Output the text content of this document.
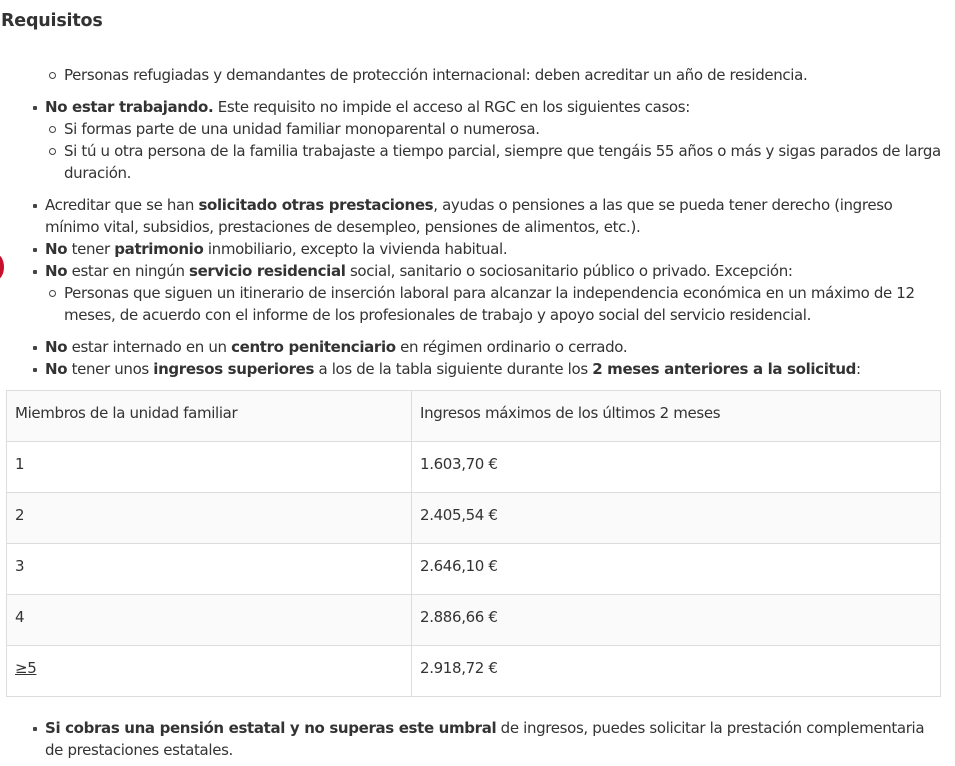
Requisitos
Personas refugiadas y demandantes de protección internacional: deben acreditar un año de residencia.
No estar trabajando. Este requisito no impide el acceso al RGC en los siguientes casos:
Si formas parte de una unidad familiar monoparental o numerosa.
Si tú u otra persona de la familia trabajaste a tiempo parcial, siempre que tengáis 55 años o más y sigas parados de larga duración.
Acreditar que se han solicitado otras prestaciones, ayudas o pensiones a las que se pueda tener derecho (ingreso mínimo vital, subsidios, prestaciones de desempleo, pensiones de alimentos, etc.).
No tener patrimonio inmobiliario, excepto la vivienda habitual.
No estar en ningún servicio residencial social, sanitario o sociosanitario público o privado. Excepción:
Personas que siguen un itinerario de inserción laboral para alcanzar la independencia económica en un máximo de 12 meses, de acuerdo con el informe de los profesionales de trabajo y apoyo social del servicio residencial.
No estar internado en un centro penitenciario en régimen ordinario o cerrado.
No tener unos ingresos superiores a los de la tabla siguiente durante los 2 meses anteriores a la solicitud:
Miembros de la unidad familiar	Ingresos máximos de los últimos 2 meses
1	1.603,70 €
2	2.405,54 €
3	2.646,10 €
4	2.886,66 €
≥5	2.918,72 €
Si cobras una pensión estatal y no superas este umbral de ingresos, puedes solicitar la prestación complementaria de prestaciones estatales.
